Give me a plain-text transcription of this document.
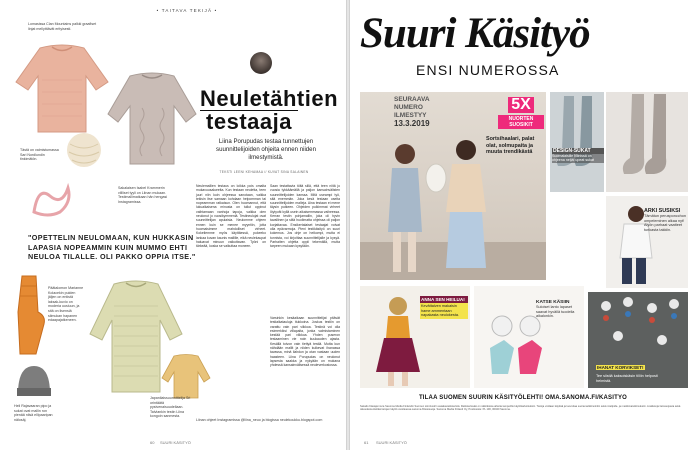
• TAITAVA TEKIJÄ •
Lomasissa Clan Mountains palkki graafiset linjat mellyittävät erityisesti.
Tästä on valmistumassa Sari Nordlundin tinkimätön.
Sakalaisen Isabel Krammerin villliset tyyli on Liinan mukaan. Testimallimatkaan hän hengasi Instagramissa.
Neuletähtien
testaaja
Liina Porupudas testaa tunnettujen suunnittelijoiden ohjeita ennen niiden ilmestymistä.
TEKSTI LEENI KEHAMAA // KUVAT SINA SALAINEN
Neulemallien testaus on loikka pois omalta mukavuusalueelta. Kun testaan neuletta, teen juuri niin kuin ohjeessa sanotaan, vaikka tekisin itse samaan kohdaan helpomman tai nopeamman ratkaisun. Olen huomannut, että lukuaikaisena minusta on tullut oppinut vaihtamaan vanhoja tapoja, vaikka olen neulonut jo vuosikymmeniä. Testineulojat ovat suunnittelijan apulaisia. Neulomme ohjeen ennen kuin se menee myyntiin, jotta huomaisimme mahdolliset virheet. Kokeilemme myös käyttäessä, pukeeko lankaa kuvan kaunis mallille, eikä neulekaupat haluavat minuun vaikuttavan. Työni on tärkeää, koska se vaikuttaa moneen.
Saan testattavia töitä sillä, että teen niitä jo vuosia tykkäämällä ja paljon kansainvälisten suunnittelijoiden kanssa. Mitä useampi työ, sitä enemmän. Joka kesä testaan useita suunnittelijoiden malleja. Aina testaan ei mene täysin putkeen. Ohjeiden pulkimmat virheet löytyvät kyllä usein aikaisemmassa vaiheessa. Kerran testin pohjamallin, joka oli hyvin tavallinen ja siitä huolimatta ohjeissa oli paljon korjattavaa. Ensikertalaiset testaajat voivat olla epävarmoja. Pieni testikäsityö on suuri kokemus. Jos ohje on heikompi, mutta ei tunnista, voi kirjoittaa suunnittelijalle ja kysyä. Parhaiten ohjetta oppii tekemällä, mutta tarpeen mukaan kysytään.
Varsinkin kesäaikaan suunnittelijat pitävät testiaikatauluja tiukkoina. Joskus testiin on varattu vain pari viikkoa. Testinä voi olla esimerkiksi villapaita, jonka valmistaminen kestää pari viikkoa. Yhden puseron testaaminen vie noin kuukauden ajasta. Kesällä toivon vain tiettyä testiä. Mutta kun nähdään mallit ja niiden kulkevat ihanassa tavassa, minä ilahdun ja otan vastaan uuden haasteen. Liina Porupudas on neulonut lapsesta saakka ja nykyään on mukana yhdessä kansainvälisessä neuleverkostossa.
Liinan ohjeet Instagramissa @liina_neuo ja blogissa neulekoukku.blogspot.com
"OPETTELIN NEULOMAAN, KUN HUKKASIN LAPASIA NOPEAMMIN KUIN MUMMO EHTI NEULOA TILALLE. OLI PAKKO OPPIA ITSE."
Päätalomon Marianne Kolacekin puiden jäljen on entistä laksak-kuvio on moderia uusiuun, ja sitä on lisensiä silmukan hapanen edaapajatkeneen.
Heli Rajavaaran pipo ja sukat ovat mallin ron pienää nilsä ellipaaripan nälosäj.
Japanilaissuunnittelija Sri orintäätä pysivenaisuudellaan. Talvlankin testin Liina kongoin sanmesta.
60 SUURI KÄSITYÖ
Suuri Käsityö
ENSI NUMEROSSA
SEURAAVA
NUMERO
ILMESTYY
13.3.2019
5X
NUORTEN SUOSIKIT
Sortsihaalari, palat olat, solmupaita ja muuta trendikästä	DESIGN-SUKAT
Suomalaisille Niinissä on ohjeena neljät upeat sukat
ARKI SUSIKSI
Tämätun perusponcchon ompeleminen alkaa nyt! Aiyön parhaat vaatteet tunkasta takkiin.
ANNA SEN HEILUA!
Kevättalven makaisin hame ammentaan napakasta neulokesta.
KATSE KÄSIIN
Suloiset lanto lapaset saavat hyvällä tuodella aikalonkin.
IHANAT KORVIKSET!
Tee siistiä kaksoiskäsin tilliin helposti helmistä.
TILAA SUOMEN SUURIN KÄSITYÖLEHTI! OMA.SANOMA.FI/KASITYO
Sekalio Käsiajat nura Sanoma Media Finlandin Suomen toimitustrin asiakasrekisteristä. Rekisterissäsi on näkökoisia aiheita tamperille käyttötarkoituksiin. Tietoja voidaan käyttää ja luovuttaa suoramarkkinointiin sekä mielipide- ja markkinatutkimuksiin. Lisätietoja tietosuojasta sekä oikeudesta kieltää tietojen käyttö osoitteessa sanoma.fi/tietosuoja. Sanoma Media Finland Oy, Postiosoite: PL 100, 00040 Sanoma.
61 SUURI KÄSITYÖ
